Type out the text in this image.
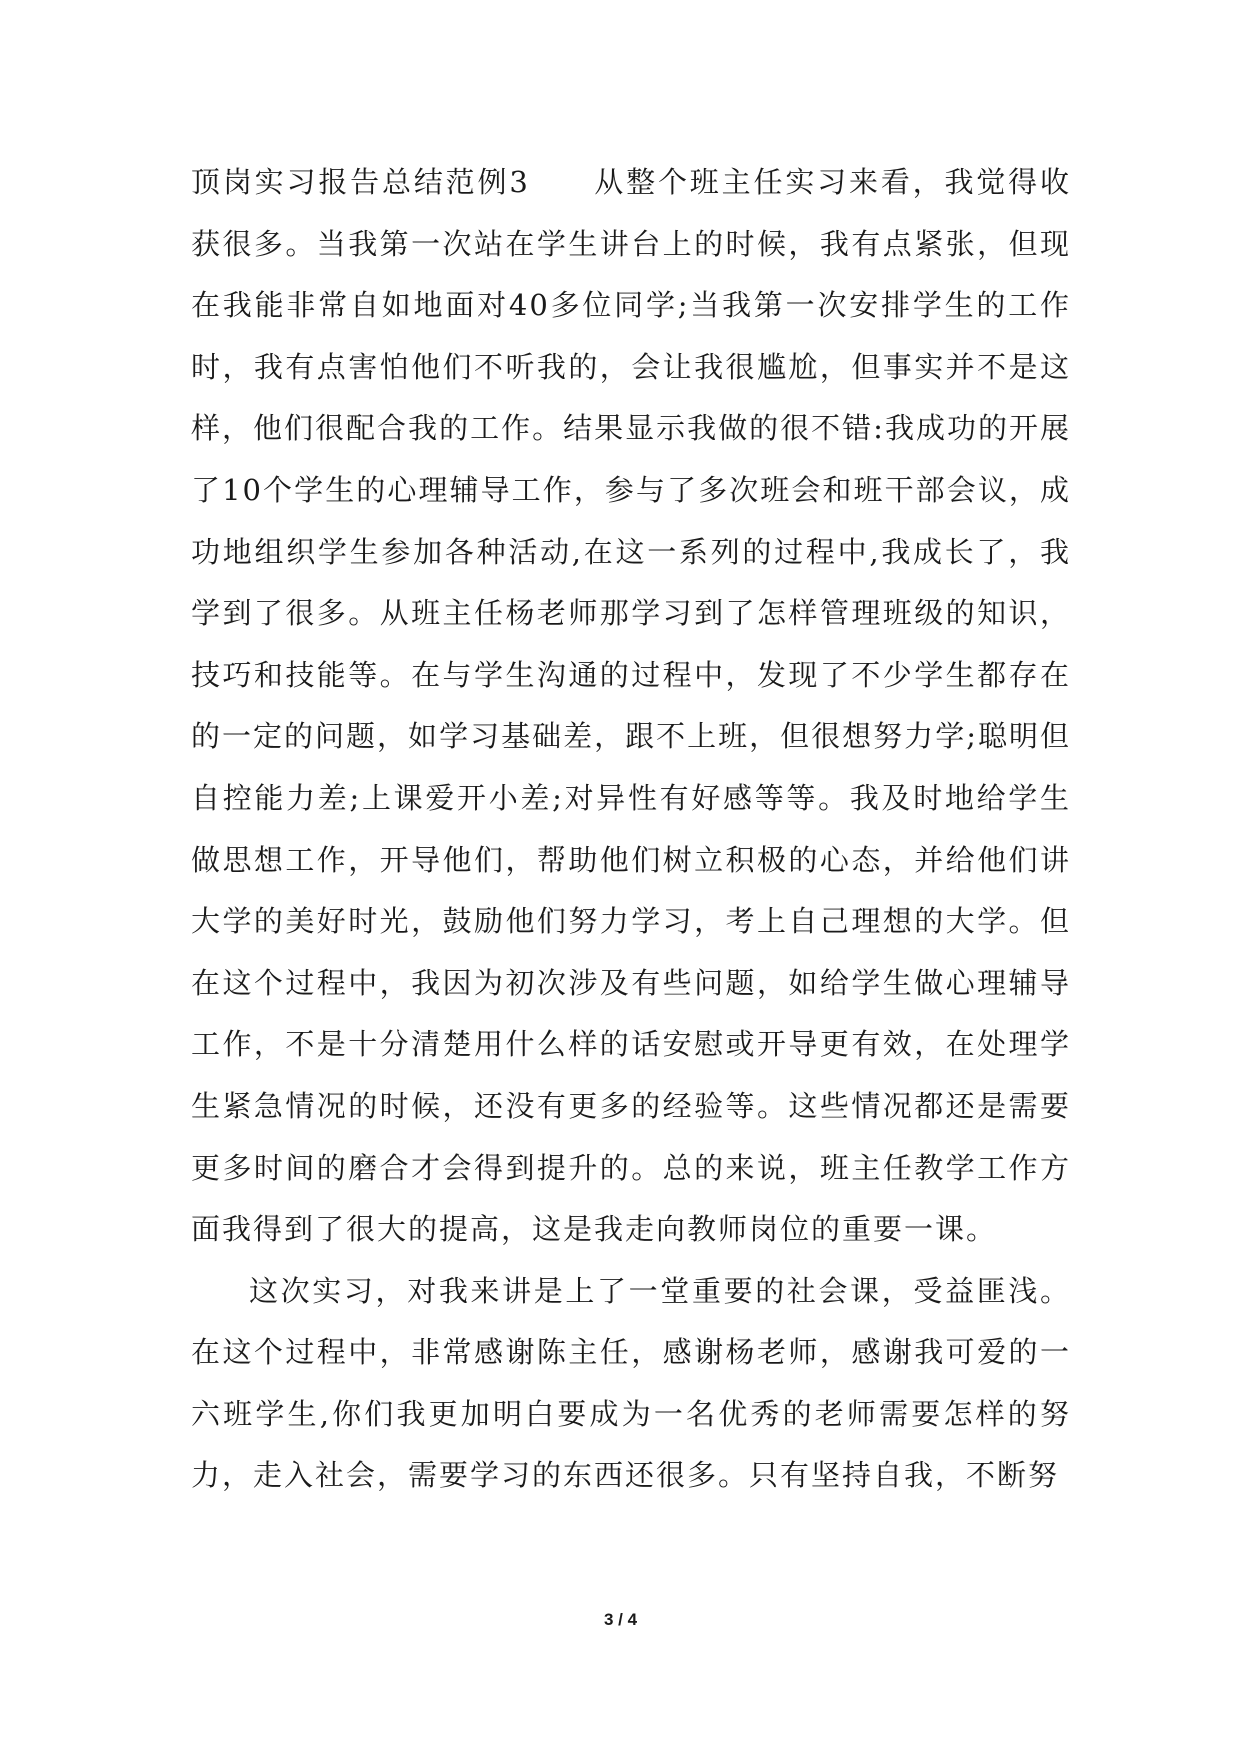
顶岗实习报告总结范例3　　从整个班主任实习来看，我觉得收获很多。当我第一次站在学生讲台上的时候，我有点紧张，但现在我能非常自如地面对40多位同学;当我第一次安排学生的工作时，我有点害怕他们不听我的，会让我很尴尬，但事实并不是这样，他们很配合我的工作。结果显示我做的很不错:我成功的开展了10个学生的心理辅导工作，参与了多次班会和班干部会议，成功地组织学生参加各种活动,在这一系列的过程中,我成长了，我学到了很多。从班主任杨老师那学习到了怎样管理班级的知识，技巧和技能等。在与学生沟通的过程中，发现了不少学生都存在的一定的问题，如学习基础差，跟不上班，但很想努力学;聪明但自控能力差;上课爱开小差;对异性有好感等等。我及时地给学生做思想工作，开导他们，帮助他们树立积极的心态，并给他们讲大学的美好时光，鼓励他们努力学习，考上自己理想的大学。但在这个过程中，我因为初次涉及有些问题，如给学生做心理辅导工作，不是十分清楚用什么样的话安慰或开导更有效，在处理学生紧急情况的时候，还没有更多的经验等。这些情况都还是需要更多时间的磨合才会得到提升的。总的来说，班主任教学工作方面我得到了很大的提高，这是我走向教师岗位的重要一课。

这次实习，对我来讲是上了一堂重要的社会课，受益匪浅。在这个过程中，非常感谢陈主任，感谢杨老师，感谢我可爱的一六班学生,你们我更加明白要成为一名优秀的老师需要怎样的努力，走入社会，需要学习的东西还很多。只有坚持自我，不断努

3 / 4
